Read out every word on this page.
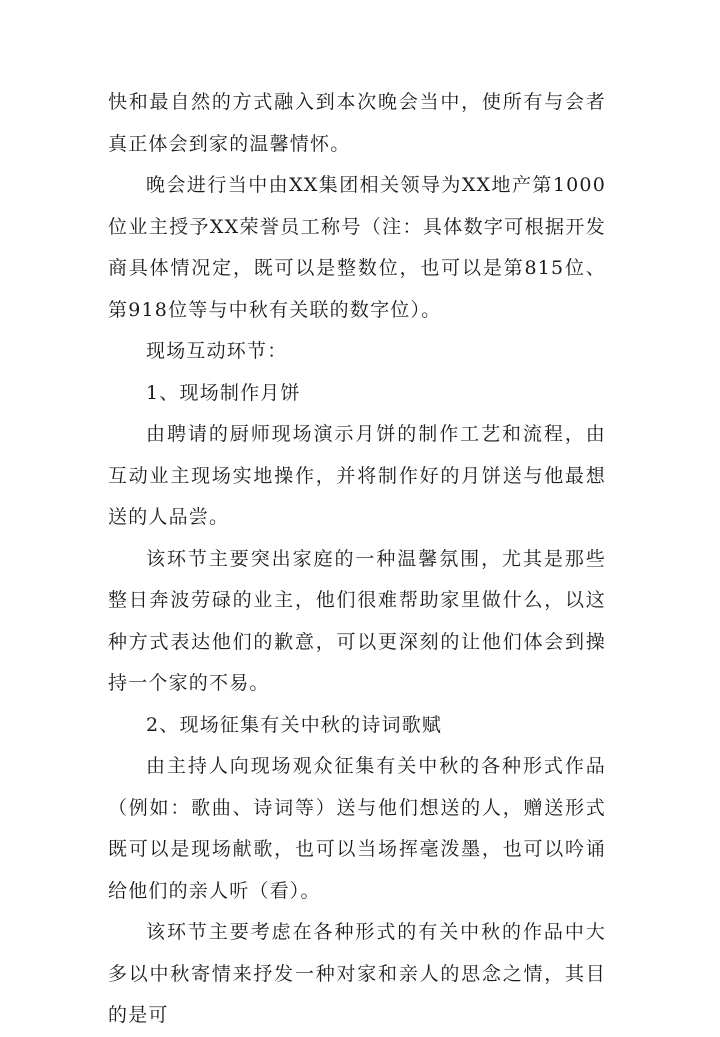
快和最自然的方式融入到本次晚会当中，使所有与会者真正体会到家的温馨情怀。

晚会进行当中由XX集团相关领导为XX地产第1000位业主授予XX荣誉员工称号（注：具体数字可根据开发商具体情况定，既可以是整数位，也可以是第815位、第918位等与中秋有关联的数字位）。

现场互动环节：

1、现场制作月饼

由聘请的厨师现场演示月饼的制作工艺和流程，由互动业主现场实地操作，并将制作好的月饼送与他最想送的人品尝。

该环节主要突出家庭的一种温馨氛围，尤其是那些整日奔波劳碌的业主，他们很难帮助家里做什么，以这种方式表达他们的歉意，可以更深刻的让他们体会到操持一个家的不易。

2、现场征集有关中秋的诗词歌赋

由主持人向现场观众征集有关中秋的各种形式作品（例如：歌曲、诗词等）送与他们想送的人，赠送形式既可以是现场献歌，也可以当场挥毫泼墨，也可以吟诵给他们的亲人听（看）。

该环节主要考虑在各种形式的有关中秋的作品中大多以中秋寄情来抒发一种对家和亲人的思念之情，其目的是可
